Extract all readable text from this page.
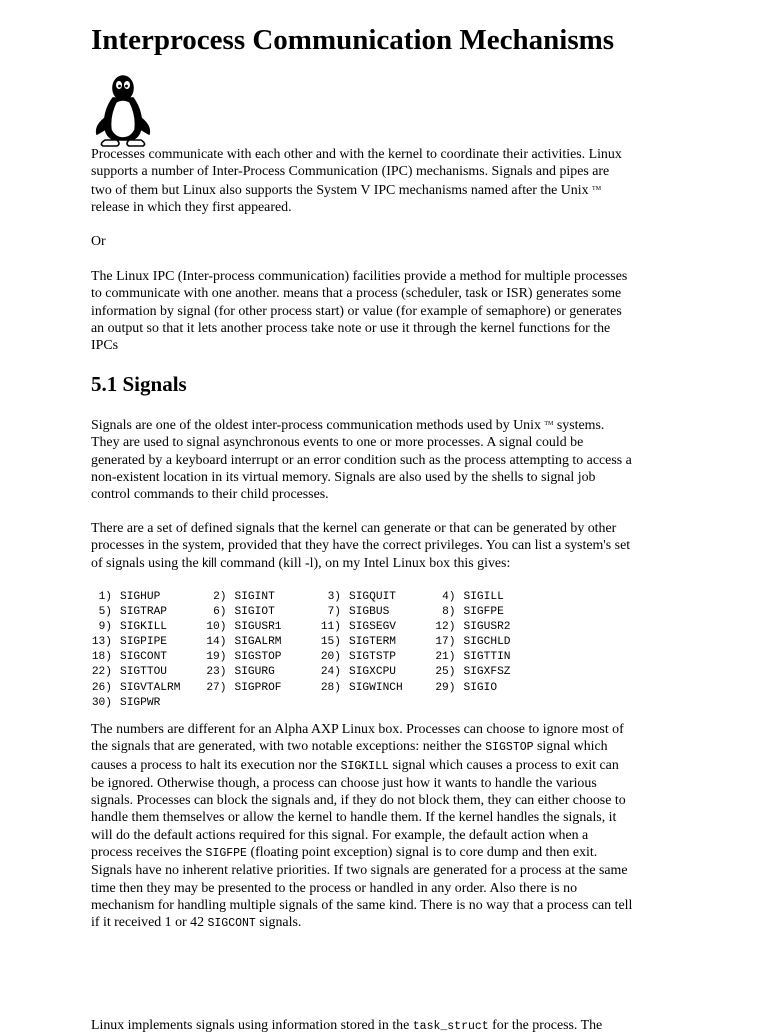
Interprocess Communication Mechanisms
Processes communicate with each other and with the kernel to coordinate their activities. Linux
supports a number of Inter-Process Communication (IPC) mechanisms. Signals and pipes are
two of them but Linux also supports the System V IPC mechanisms named after the Unix ™
release in which they first appeared.
Or
The Linux IPC (Inter-process communication) facilities provide a method for multiple processes
to communicate with one another. means that a process (scheduler, task or ISR) generates some
information by signal (for other process start) or value (for example of semaphore) or generates
an output so that it lets another process take note or use it through the kernel functions for the
IPCs
5.1 Signals
Signals are one of the oldest inter-process communication methods used by Unix ™ systems.
They are used to signal asynchronous events to one or more processes. A signal could be
generated by a keyboard interrupt or an error condition such as the process attempting to access a
non-existent location in its virtual memory. Signals are also used by the shells to signal job
control commands to their child processes.
There are a set of defined signals that the kernel can generate or that can be generated by other
processes in the system, provided that they have the correct privileges. You can list a system's set
of signals using the kill command (kill -l), on my Intel Linux box this gives:
1) SIGHUP	2) SIGINT	3) SIGQUIT	4) SIGILL
5) SIGTRAP	6) SIGIOT	7) SIGBUS	8) SIGFPE
9) SIGKILL	10) SIGUSR1	11) SIGSEGV	12) SIGUSR2
13) SIGPIPE	14) SIGALRM	15) SIGTERM	17) SIGCHLD
18) SIGCONT	19) SIGSTOP	20) SIGTSTP	21) SIGTTIN
22) SIGTTOU	23) SIGURG	24) SIGXCPU	25) SIGXFSZ
26) SIGVTALRM 27) SIGPROF	28) SIGWINCH	29) SIGIO
30) SIGPWR
The numbers are different for an Alpha AXP Linux box. Processes can choose to ignore most of
the signals that are generated, with two notable exceptions: neither the SIGSTOP signal which
causes a process to halt its execution nor the SIGKILL signal which causes a process to exit can
be ignored. Otherwise though, a process can choose just how it wants to handle the various
signals. Processes can block the signals and, if they do not block them, they can either choose to
handle them themselves or allow the kernel to handle them. If the kernel handles the signals, it
will do the default actions required for this signal. For example, the default action when a
process receives the SIGFPE (floating point exception) signal is to core dump and then exit.
Signals have no inherent relative priorities. If two signals are generated for a process at the same
time then they may be presented to the process or handled in any order. Also there is no
mechanism for handling multiple signals of the same kind. There is no way that a process can tell
if it received 1 or 42 SIGCONT signals.
Linux implements signals using information stored in the task_struct for the process. The
